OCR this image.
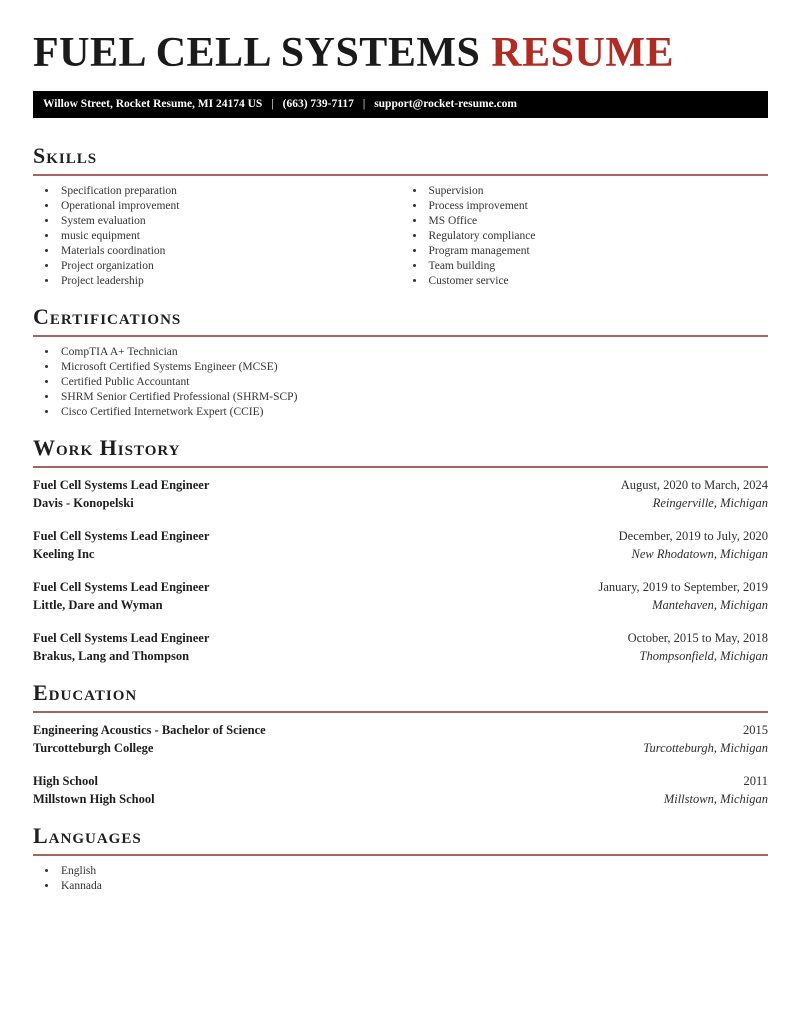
FUEL CELL SYSTEMS RESUME
Willow Street, Rocket Resume, MI 24174 US | (663) 739-7117 | support@rocket-resume.com
Skills
• Specification preparation
• Operational improvement
• System evaluation
• music equipment
• Materials coordination
• Project organization
• Project leadership
• Supervision
• Process improvement
• MS Office
• Regulatory compliance
• Program management
• Team building
• Customer service
Certifications
• CompTIA A+ Technician
• Microsoft Certified Systems Engineer (MCSE)
• Certified Public Accountant
• SHRM Senior Certified Professional (SHRM-SCP)
• Cisco Certified Internetwork Expert (CCIE)
Work History
Fuel Cell Systems Lead Engineer	August, 2020 to March, 2024
Davis - Konopelski	Reingerville, Michigan
Fuel Cell Systems Lead Engineer	December, 2019 to July, 2020
Keeling Inc	New Rhodatown, Michigan
Fuel Cell Systems Lead Engineer	January, 2019 to September, 2019
Little, Dare and Wyman	Mantehaven, Michigan
Fuel Cell Systems Lead Engineer	October, 2015 to May, 2018
Brakus, Lang and Thompson	Thompsonfield, Michigan
Education
Engineering Acoustics - Bachelor of Science	2015
Turcotteburgh College	Turcotteburgh, Michigan
High School	2011
Millstown High School	Millstown, Michigan
Languages
• English
• Kannada
